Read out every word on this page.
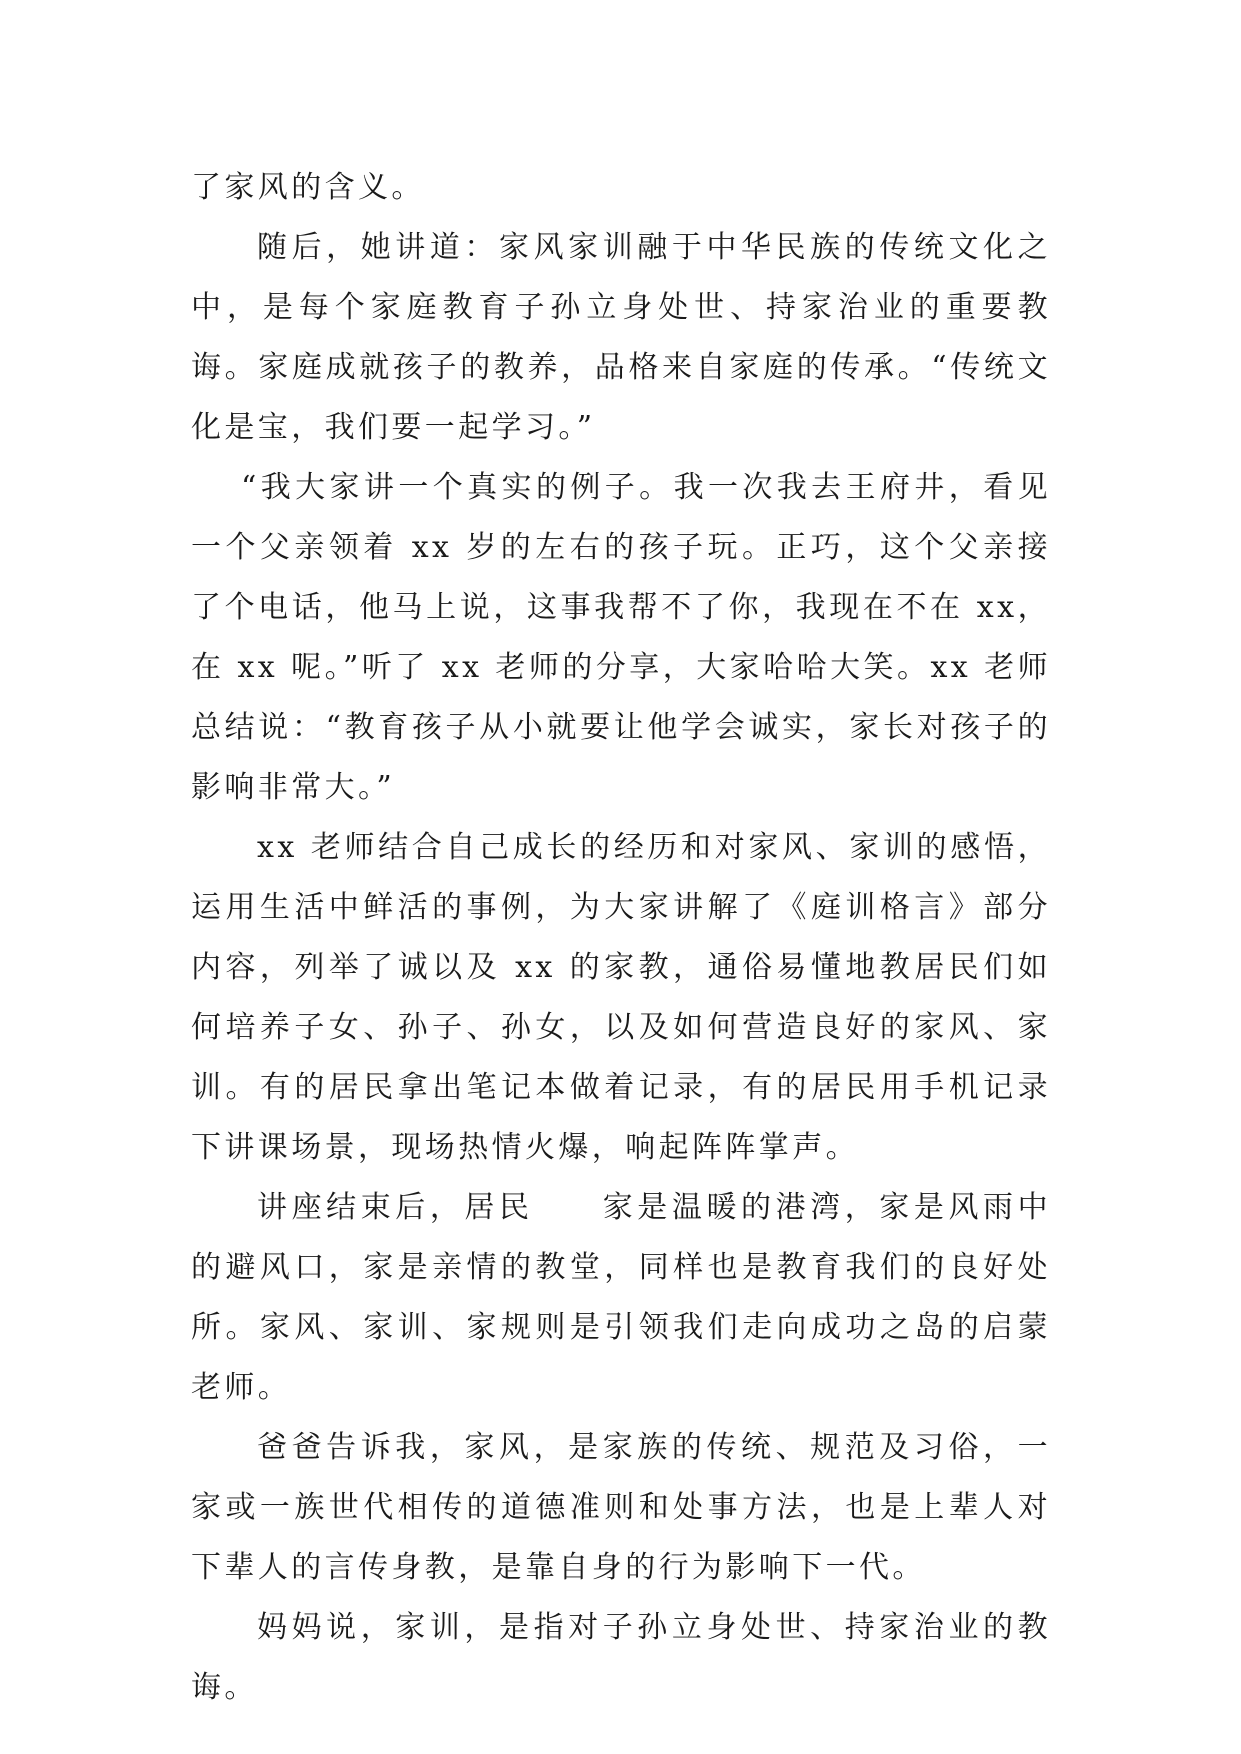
了家风的含义。

随后，她讲道：家风家训融于中华民族的传统文化之中，是每个家庭教育子孙立身处世、持家治业的重要教诲。家庭成就孩子的教养，品格来自家庭的传承。“传统文化是宝，我们要一起学习。”

“我大家讲一个真实的例子。我一次我去王府井，看见一个父亲领着 xx 岁的左右的孩子玩。正巧，这个父亲接了个电话，他马上说，这事我帮不了你，我现在不在 xx，在 xx 呢。”听了 xx 老师的分享，大家哈哈大笑。xx 老师总结说：“教育孩子从小就要让他学会诚实，家长对孩子的影响非常大。”

xx 老师结合自己成长的经历和对家风、家训的感悟，运用生活中鲜活的事例，为大家讲解了《庭训格言》部分内容，列举了诚以及 xx 的家教，通俗易懂地教居民们如何培养子女、孙子、孙女，以及如何营造良好的家风、家训。有的居民拿出笔记本做着记录，有的居民用手机记录下讲课场景，现场热情火爆，响起阵阵掌声。

讲座结束后，居民　　家是温暖的港湾，家是风雨中的避风口，家是亲情的教堂，同样也是教育我们的良好处所。家风、家训、家规则是引领我们走向成功之岛的启蒙老师。

爸爸告诉我，家风，是家族的传统、规范及习俗，一家或一族世代相传的道德准则和处事方法，也是上辈人对下辈人的言传身教，是靠自身的行为影响下一代。

妈妈说，家训，是指对子孙立身处世、持家治业的教诲。
